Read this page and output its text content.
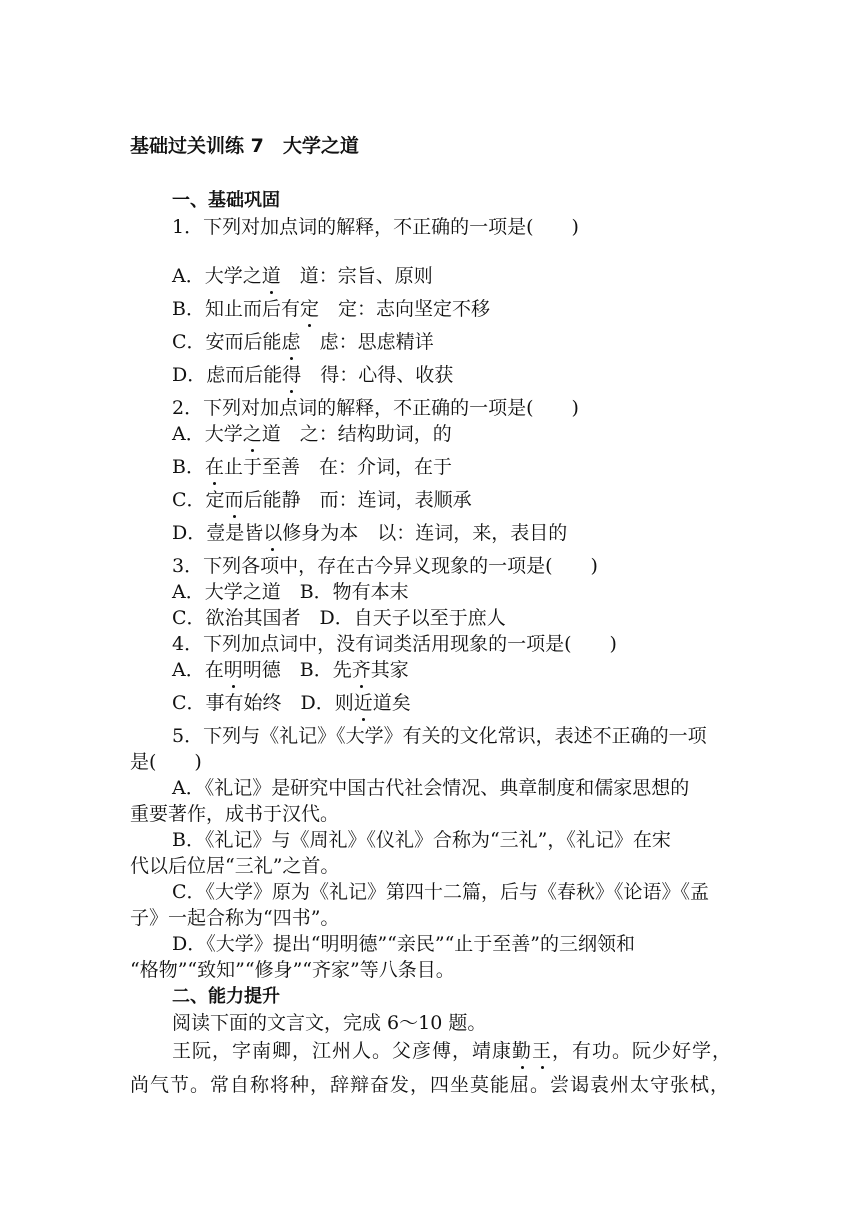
基础过关训练 7　大学之道
一、基础巩固
1．下列对加点词的解释，不正确的一项是(　　)
A．大学之道　道：宗旨、原则
B．知止而后有定　定：志向坚定不移
C．安而后能虑　虑：思虑精详
D．虑而后能得　得：心得、收获
2．下列对加点词的解释，不正确的一项是(　　)
A．大学之道　之：结构助词，的
B．在止于至善　在：介词，在于
C．定而后能静　而：连词，表顺承
D．壹是皆以修身为本　以：连词，来，表目的
3．下列各项中，存在古今异义现象的一项是(　　)
A．大学之道　B．物有本末
C．欲治其国者　D．自天子以至于庶人
4．下列加点词中，没有词类活用现象的一项是(　　)
A．在明明德　B．先齐其家
C．事有始终　D．则近道矣
5．下列与《礼记》《大学》有关的文化常识，表述不正确的一项
是(　　)
A．《礼记》是研究中国古代社会情况、典章制度和儒家思想的
重要著作，成书于汉代。
B．《礼记》与《周礼》《仪礼》合称为“三礼”，《礼记》在宋
代以后位居“三礼”之首。
C．《大学》原为《礼记》第四十二篇，后与《春秋》《论语》《孟
子》一起合称为“四书”。
D．《大学》提出“明明德”“亲民”“止于至善”的三纲领和
“格物”“致知”“修身”“齐家”等八条目。
二、能力提升
阅读下面的文言文，完成 6～10 题。
王阮，字南卿，江州人。父彦傅，靖康勤王，有功。阮少好学，
尚气节。常自称将种，辞辩奋发，四坐莫能屈。尝谒袁州太守张栻，
